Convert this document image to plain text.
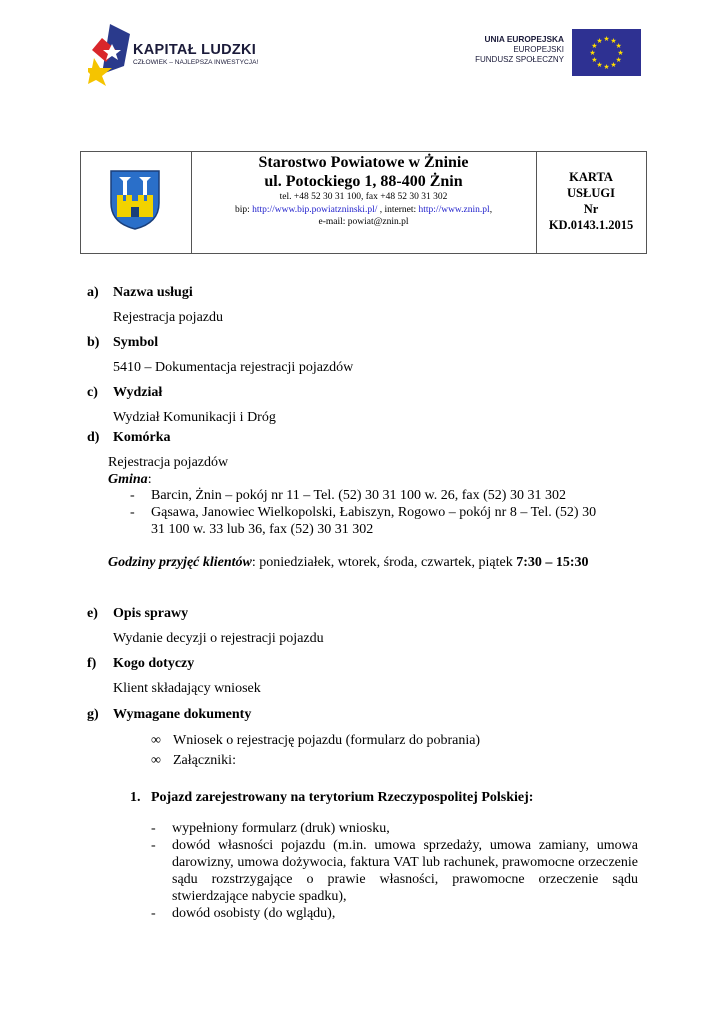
KAPITAŁ LUDZKI
CZŁOWIEK – NAJLEPSZA INWESTYCJA!
UNIA EUROPEJSKA
EUROPEJSKI
FUNDUSZ SPOŁECZNY
★ ★
★
★
★
★
★
★
★
★
★
★
Starostwo Powiatowe w Żninie
ul. Potockiego 1, 88-400 Żnin
tel. +48 52 30 31 100, fax +48 52 30 31 302
bip: http://www.bip.powiatzninski.pl/ , internet: http://www.znin.pl,
e-mail: powiat@znin.pl
KARTA
USŁUGI
Nr
KD.0143.1.2015
a) Nazwa usługi
Rejestracja pojazdu
b) Symbol
5410 – Dokumentacja rejestracji pojazdów
c) Wydział
Wydział Komunikacji i Dróg
d) Komórka
Rejestracja pojazdów
Gmina:
- Barcin, Żnin – pokój nr 11 – Tel. (52) 30 31 100 w. 26, fax (52) 30 31 302
- Gąsawa, Janowiec Wielkopolski, Łabiszyn, Rogowo – pokój nr 8 – Tel. (52) 30
31 100 w. 33 lub 36, fax (52) 30 31 302
Godziny przyjęć klientów: poniedziałek, wtorek, środa, czwartek, piątek 7:30 – 15:30
e) Opis sprawy
Wydanie decyzji o rejestracji pojazdu
f) Kogo dotyczy
Klient składający wniosek
g) Wymagane dokumenty
∞ Wniosek o rejestrację pojazdu (formularz do pobrania)
∞ Załączniki:
1. Pojazd zarejestrowany na terytorium Rzeczypospolitej Polskiej:
- wypełniony formularz (druk) wniosku,
- dowód własności pojazdu (m.in. umowa sprzedaży, umowa zamiany, umowa darowizny, umowa dożywocia, faktura VAT lub rachunek, prawomocne orzeczenie sądu rozstrzygające o prawie własności, prawomocne orzeczenie sądu stwierdzające nabycie spadku),
- dowód osobisty (do wglądu),
